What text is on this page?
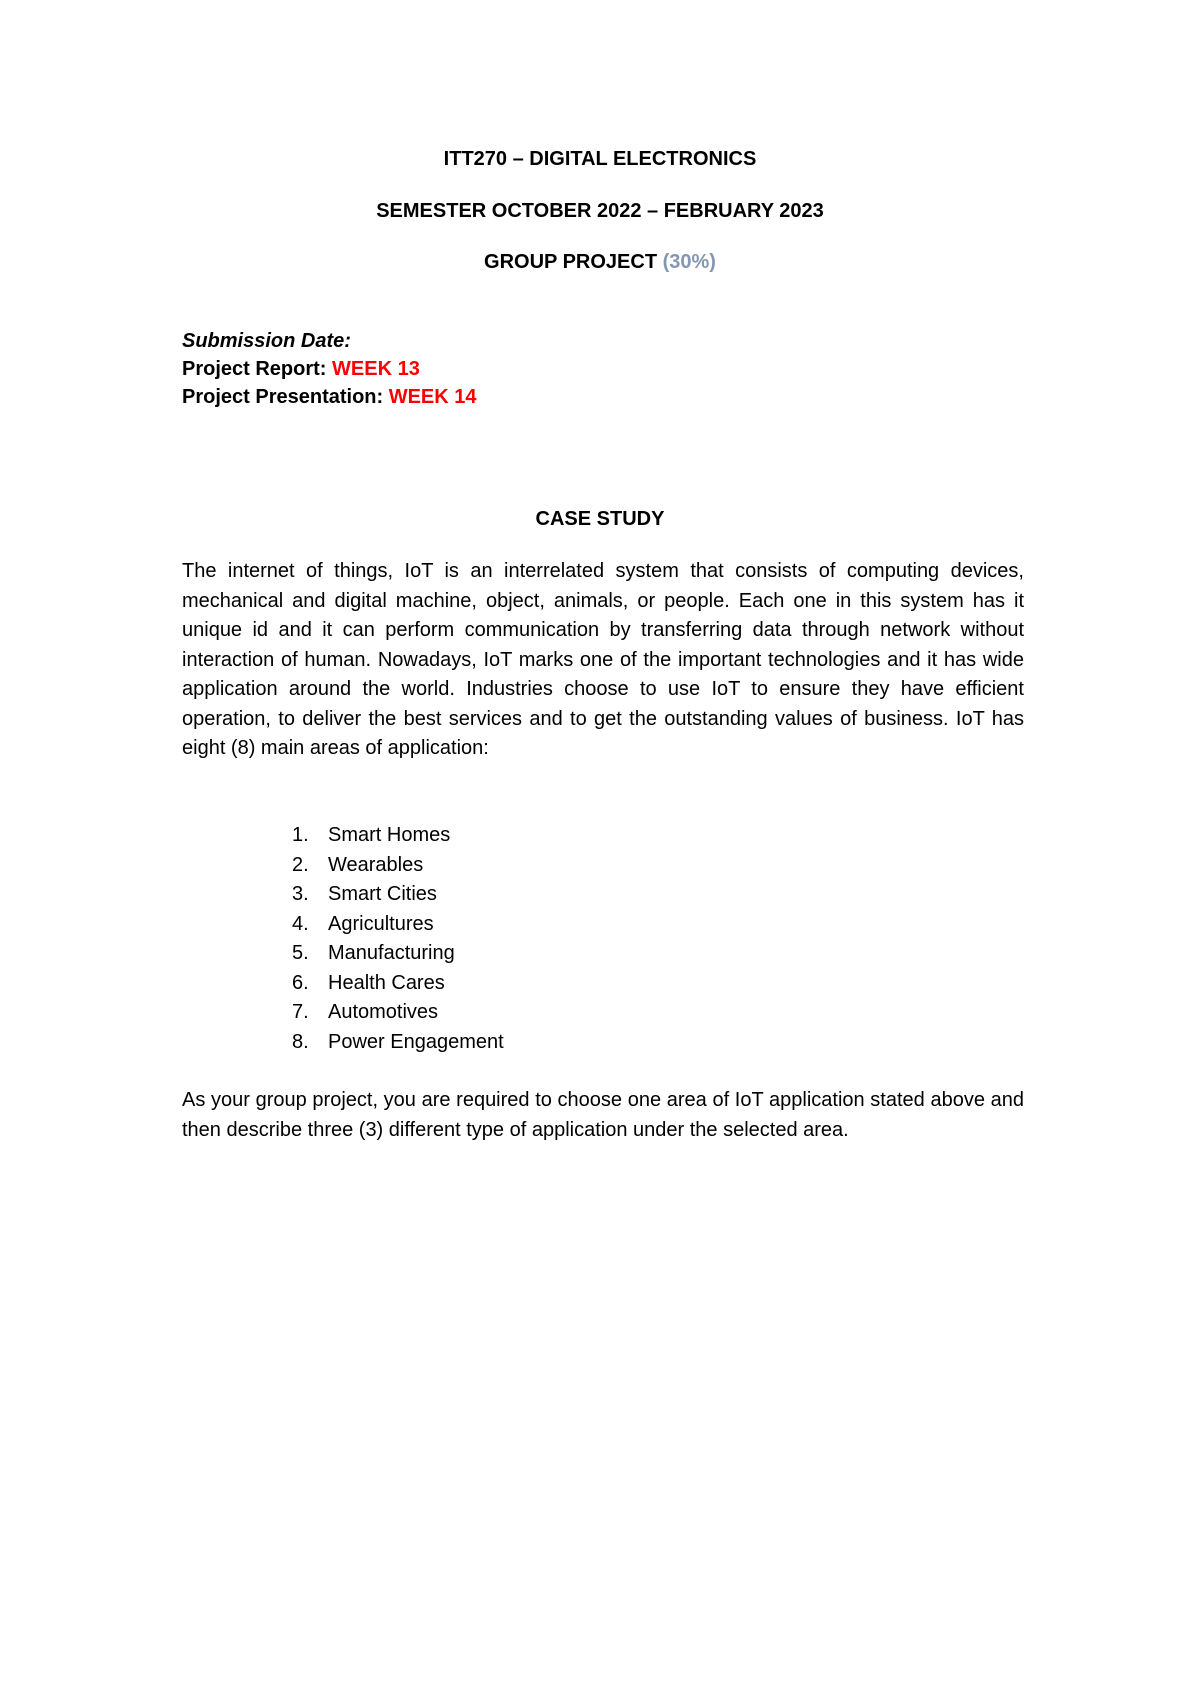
ITT270 – DIGITAL ELECTRONICS

SEMESTER OCTOBER 2022 – FEBRUARY 2023

GROUP PROJECT (30%)

Submission Date:
Project Report: WEEK 13
Project Presentation: WEEK 14

CASE STUDY

The internet of things, IoT is an interrelated system that consists of computing devices, mechanical and digital machine, object, animals, or people. Each one in this system has it unique id and it can perform communication by transferring data through network without interaction of human. Nowadays, IoT marks one of the important technologies and it has wide application around the world. Industries choose to use IoT to ensure they have efficient operation, to deliver the best services and to get the outstanding values of business. IoT has eight (8) main areas of application:

1. Smart Homes
2. Wearables
3. Smart Cities
4. Agricultures
5. Manufacturing
6. Health Cares
7. Automotives
8. Power Engagement

As your group project, you are required to choose one area of IoT application stated above and then describe three (3) different type of application under the selected area.
